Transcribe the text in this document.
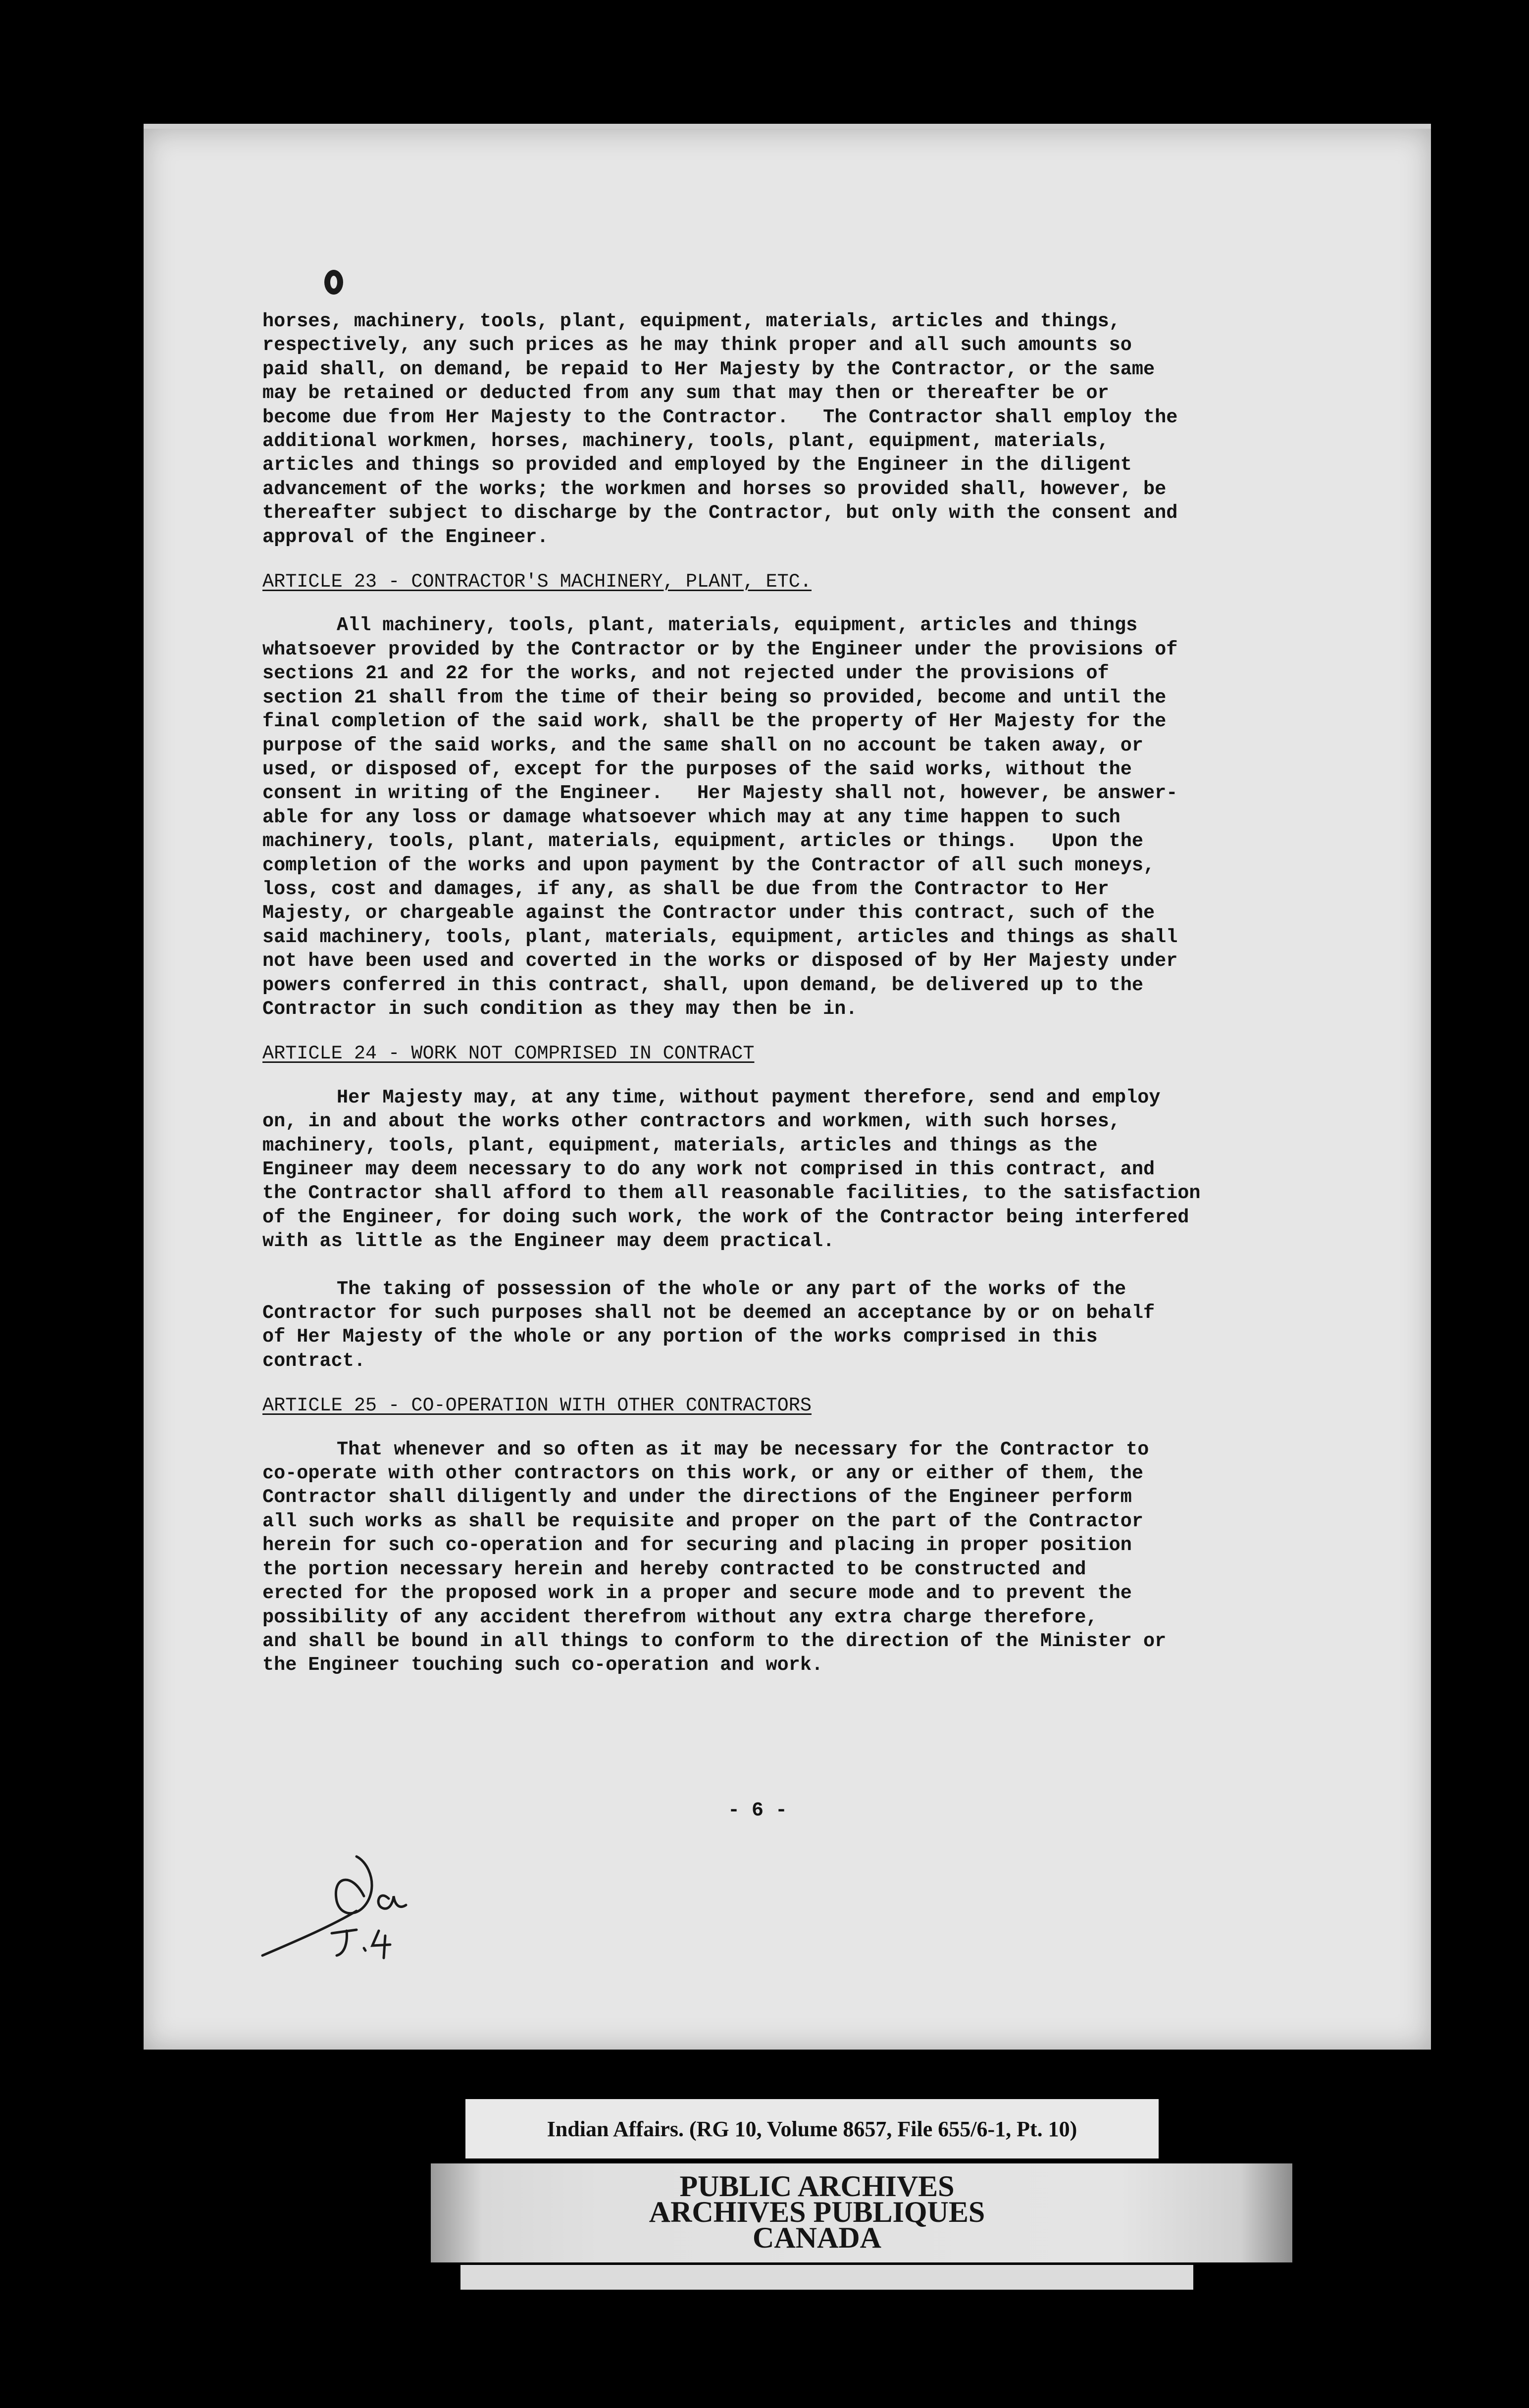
horses, machinery, tools, plant, equipment, materials, articles and things,

respectively, any such prices as he may think proper and all such amounts so

paid shall, on demand, be repaid to Her Majesty by the Contractor, or the same

may be retained or deducted from any sum that may then or thereafter be or

become due from Her Majesty to the Contractor.   The Contractor shall employ the

additional workmen, horses, machinery, tools, plant, equipment, materials,

articles and things so provided and employed by the Engineer in the diligent

advancement of the works; the workmen and horses so provided shall, however, be

thereafter subject to discharge by the Contractor, but only with the consent and

approval of the Engineer.

ARTICLE 23 - CONTRACTOR'S MACHINERY, PLANT, ETC.

All machinery, tools, plant, materials, equipment, articles and things

whatsoever provided by the Contractor or by the Engineer under the provisions of

sections 21 and 22 for the works, and not rejected under the provisions of

section 21 shall from the time of their being so provided, become and until the

final completion of the said work, shall be the property of Her Majesty for the

purpose of the said works, and the same shall on no account be taken away, or

used, or disposed of, except for the purposes of the said works, without the

consent in writing of the Engineer.   Her Majesty shall not, however, be answer-

able for any loss or damage whatsoever which may at any time happen to such

machinery, tools, plant, materials, equipment, articles or things.   Upon the

completion of the works and upon payment by the Contractor of all such moneys,

loss, cost and damages, if any, as shall be due from the Contractor to Her

Majesty, or chargeable against the Contractor under this contract, such of the

said machinery, tools, plant, materials, equipment, articles and things as shall

not have been used and coverted in the works or disposed of by Her Majesty under

powers conferred in this contract, shall, upon demand, be delivered up to the

Contractor in such condition as they may then be in.

ARTICLE 24 - WORK NOT COMPRISED IN CONTRACT

Her Majesty may, at any time, without payment therefore, send and employ

on, in and about the works other contractors and workmen, with such horses,

machinery, tools, plant, equipment, materials, articles and things as the

Engineer may deem necessary to do any work not comprised in this contract, and

the Contractor shall afford to them all reasonable facilities, to the satisfaction

of the Engineer, for doing such work, the work of the Contractor being interfered

with as little as the Engineer may deem practical.

The taking of possession of the whole or any part of the works of the

Contractor for such purposes shall not be deemed an acceptance by or on behalf

of Her Majesty of the whole or any portion of the works comprised in this

contract.

ARTICLE 25 - CO-OPERATION WITH OTHER CONTRACTORS

That whenever and so often as it may be necessary for the Contractor to

co-operate with other contractors on this work, or any or either of them, the

Contractor shall diligently and under the directions of the Engineer perform

all such works as shall be requisite and proper on the part of the Contractor

herein for such co-operation and for securing and placing in proper position

the portion necessary herein and hereby contracted to be constructed and

erected for the proposed work in a proper and secure mode and to prevent the

possibility of any accident therefrom without any extra charge therefore,

and shall be bound in all things to conform to the direction of the Minister or

the Engineer touching such co-operation and work.

- 6 -
Indian Affairs. (RG 10, Volume 8657, File 655/6-1, Pt. 10)
PUBLIC ARCHIVES
ARCHIVES PUBLIQUES
CANADA
